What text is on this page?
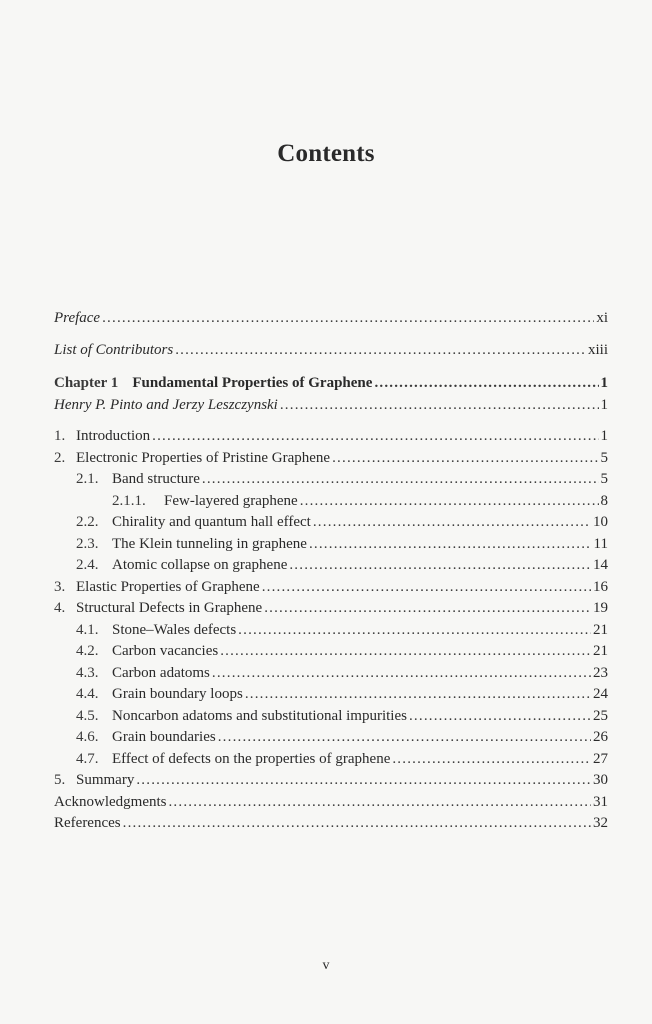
Contents
Preface .....	xi
List of Contributors .....	xiii
Chapter 1 Fundamental Properties of Graphene .....	1
Henry P. Pinto and Jerzy Leszczynski .....	1
1. Introduction .....	1
2. Electronic Properties of Pristine Graphene .....	5
2.1. Band structure .....	5
2.1.1.	Few-layered graphene .....	8
2.2. Chirality and quantum hall effect .....	10
2.3. The Klein tunneling in graphene .....	11
2.4. Atomic collapse on graphene .....	14
3. Elastic Properties of Graphene .....	16
4. Structural Defects in Graphene .....	19
4.1. Stone–Wales defects .....	21
4.2. Carbon vacancies .....	21
4.3. Carbon adatoms .....	23
4.4. Grain boundary loops .....	24
4.5. Noncarbon adatoms and substitutional impurities .....	25
4.6. Grain boundaries .....	26
4.7. Effect of defects on the properties of graphene .....	27
5. Summary .....	30
Acknowledgments .....	31
References .....	32
v
